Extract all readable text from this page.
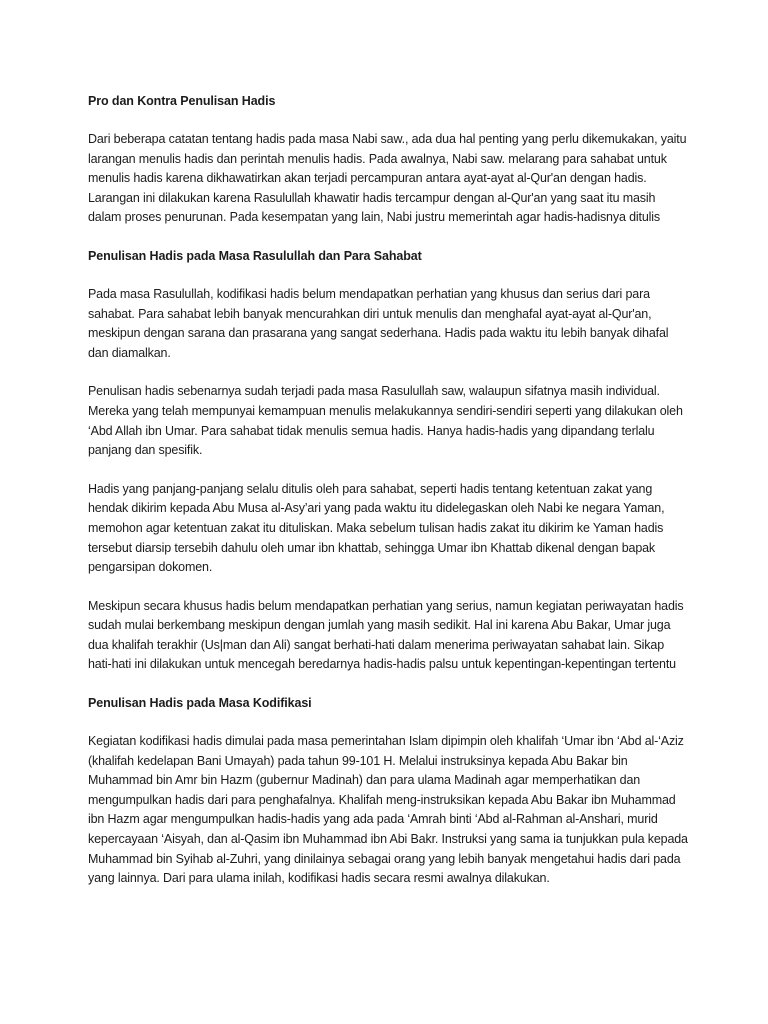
Pro dan Kontra Penulisan Hadis

Dari beberapa catatan tentang hadis pada masa Nabi saw., ada dua hal penting yang perlu dikemukakan, yaitu larangan menulis hadis dan perintah menulis hadis. Pada awalnya, Nabi saw. melarang para sahabat untuk menulis hadis karena dikhawatirkan akan terjadi percampuran antara ayat-ayat al-Qur'an dengan hadis. Larangan ini dilakukan karena Rasulullah khawatir hadis tercampur dengan al-Qur'an yang saat itu masih dalam proses penurunan. Pada kesempatan yang lain, Nabi justru memerintah agar hadis-hadisnya ditulis

Penulisan Hadis pada Masa Rasulullah dan Para Sahabat

Pada masa Rasulullah, kodifikasi hadis belum mendapatkan perhatian yang khusus dan serius dari para sahabat. Para sahabat lebih banyak mencurahkan diri untuk menulis dan menghafal ayat-ayat al-Qur'an, meskipun dengan sarana dan prasarana yang sangat sederhana. Hadis pada waktu itu lebih banyak dihafal dan diamalkan.

Penulisan hadis sebenarnya sudah terjadi pada masa Rasulullah saw, walaupun sifatnya masih individual. Mereka yang telah mempunyai kemampuan menulis melakukannya sendiri-sendiri seperti yang dilakukan oleh ‘Abd Allah ibn Umar. Para sahabat tidak menulis semua hadis. Hanya hadis-hadis yang dipandang terlalu panjang dan spesifik.

Hadis yang panjang-panjang selalu ditulis oleh para sahabat, seperti hadis tentang ketentuan zakat yang hendak dikirim kepada Abu Musa al-Asy’ari yang pada waktu itu didelegaskan oleh Nabi ke negara Yaman, memohon agar ketentuan zakat itu dituliskan. Maka sebelum tulisan hadis zakat itu dikirim ke Yaman hadis tersebut diarsip tersebih dahulu oleh umar ibn khattab, sehingga Umar ibn Khattab dikenal dengan bapak pengarsipan dokomen.

Meskipun secara khusus hadis belum mendapatkan perhatian yang serius, namun kegiatan periwayatan hadis sudah mulai berkembang meskipun dengan jumlah yang masih sedikit. Hal ini karena Abu Bakar, Umar juga dua khalifah terakhir (Us|man dan Ali) sangat berhati-hati dalam menerima periwayatan sahabat lain. Sikap hati-hati ini dilakukan untuk mencegah beredarnya hadis-hadis palsu untuk kepentingan-kepentingan tertentu

Penulisan Hadis pada Masa Kodifikasi

Kegiatan kodifikasi hadis dimulai pada masa pemerintahan Islam dipimpin oleh khalifah ‘Umar ibn ‘Abd al-‘Aziz (khalifah kedelapan Bani Umayah) pada tahun 99-101 H. Melalui instruksinya kepada Abu Bakar bin Muhammad bin Amr bin Hazm (gubernur Madinah) dan para ulama Madinah agar memperhatikan dan mengumpulkan hadis dari para penghafalnya. Khalifah meng-instruksikan kepada Abu Bakar ibn Muhammad ibn Hazm agar mengumpulkan hadis-hadis yang ada pada ‘Amrah binti ‘Abd al-Rahman al-Anshari, murid kepercayaan ‘Aisyah, dan al-Qasim ibn Muhammad ibn Abi Bakr. Instruksi yang sama ia tunjukkan pula kepada Muhammad bin Syihab al-Zuhri, yang dinilainya sebagai orang yang lebih banyak mengetahui hadis dari pada yang lainnya. Dari para ulama inilah, kodifikasi hadis secara resmi awalnya dilakukan.
